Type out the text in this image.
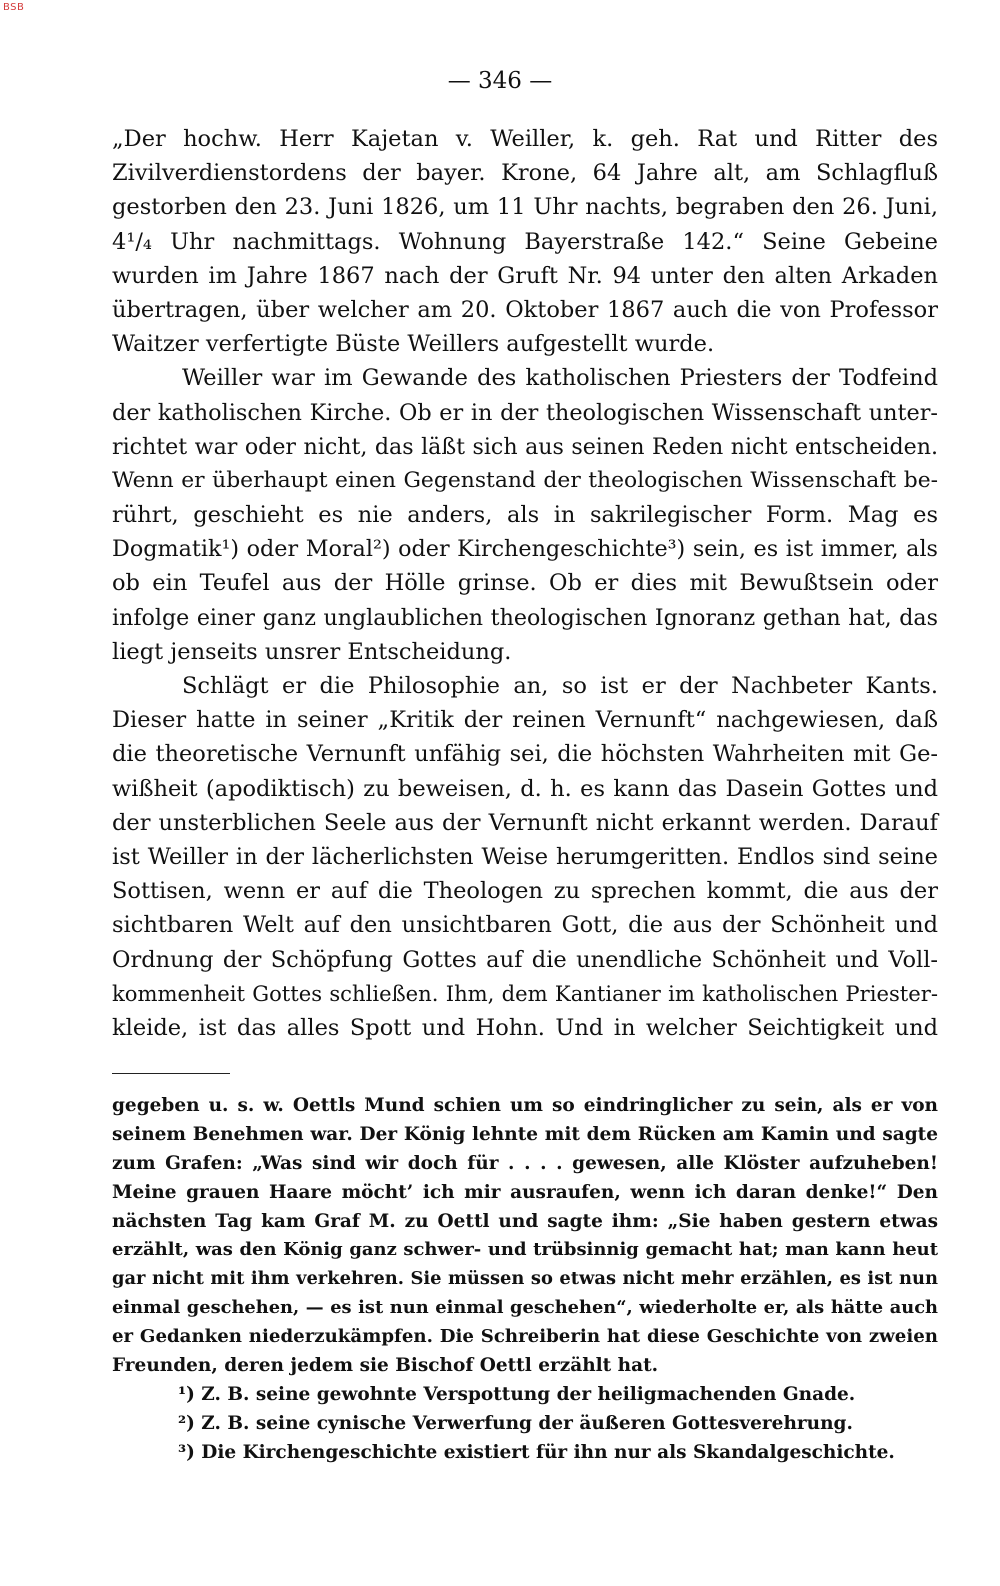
BSB
— 346 —
„Der hochw. Herr Kajetan v. Weiller, k. geh. Rat und Ritter des
Zivilverdienstordens der bayer. Krone, 64 Jahre alt, am Schlagfluß
gestorben den 23. Juni 1826, um 11 Uhr nachts, begraben den 26. Juni,
4¹/₄ Uhr nachmittags. Wohnung Bayerstraße 142.“ Seine Gebeine
wurden im Jahre 1867 nach der Gruft Nr. 94 unter den alten Arkaden
übertragen, über welcher am 20. Oktober 1867 auch die von Professor
Waitzer verfertigte Büste Weillers aufgestellt wurde.
Weiller war im Gewande des katholischen Priesters der Todfeind
der katholischen Kirche. Ob er in der theologischen Wissenschaft unter-
richtet war oder nicht, das läßt sich aus seinen Reden nicht entscheiden.
Wenn er überhaupt einen Gegenstand der theologischen Wissenschaft be-
rührt, geschieht es nie anders, als in sakrilegischer Form. Mag es
Dogmatik¹) oder Moral²) oder Kirchengeschichte³) sein, es ist immer, als
ob ein Teufel aus der Hölle grinse. Ob er dies mit Bewußtsein oder
infolge einer ganz unglaublichen theologischen Ignoranz gethan hat, das
liegt jenseits unsrer Entscheidung.
Schlägt er die Philosophie an, so ist er der Nachbeter Kants.
Dieser hatte in seiner „Kritik der reinen Vernunft“ nachgewiesen, daß
die theoretische Vernunft unfähig sei, die höchsten Wahrheiten mit Ge-
wißheit (apodiktisch) zu beweisen, d. h. es kann das Dasein Gottes und
der unsterblichen Seele aus der Vernunft nicht erkannt werden. Darauf
ist Weiller in der lächerlichsten Weise herumgeritten. Endlos sind seine
Sottisen, wenn er auf die Theologen zu sprechen kommt, die aus der
sichtbaren Welt auf den unsichtbaren Gott, die aus der Schönheit und
Ordnung der Schöpfung Gottes auf die unendliche Schönheit und Voll-
kommenheit Gottes schließen. Ihm, dem Kantianer im katholischen Priester-
kleide, ist das alles Spott und Hohn. Und in welcher Seichtigkeit und
gegeben u. s. w. Oettls Mund schien um so eindringlicher zu sein, als er von
seinem Benehmen war. Der König lehnte mit dem Rücken am Kamin und sagte
zum Grafen: „Was sind wir doch für . . . . gewesen, alle Klöster aufzuheben!
Meine grauen Haare möcht’ ich mir ausraufen, wenn ich daran denke!“ Den
nächsten Tag kam Graf M. zu Oettl und sagte ihm: „Sie haben gestern etwas
erzählt, was den König ganz schwer- und trübsinnig gemacht hat; man kann heut
gar nicht mit ihm verkehren. Sie müssen so etwas nicht mehr erzählen, es ist nun
einmal geschehen, — es ist nun einmal geschehen“, wiederholte er, als hätte auch
er Gedanken niederzukämpfen. Die Schreiberin hat diese Geschichte von zweien
Freunden, deren jedem sie Bischof Oettl erzählt hat.
¹) Z. B. seine gewohnte Verspottung der heiligmachenden Gnade.
²) Z. B. seine cynische Verwerfung der äußeren Gottesverehrung.
³) Die Kirchengeschichte existiert für ihn nur als Skandalgeschichte.
